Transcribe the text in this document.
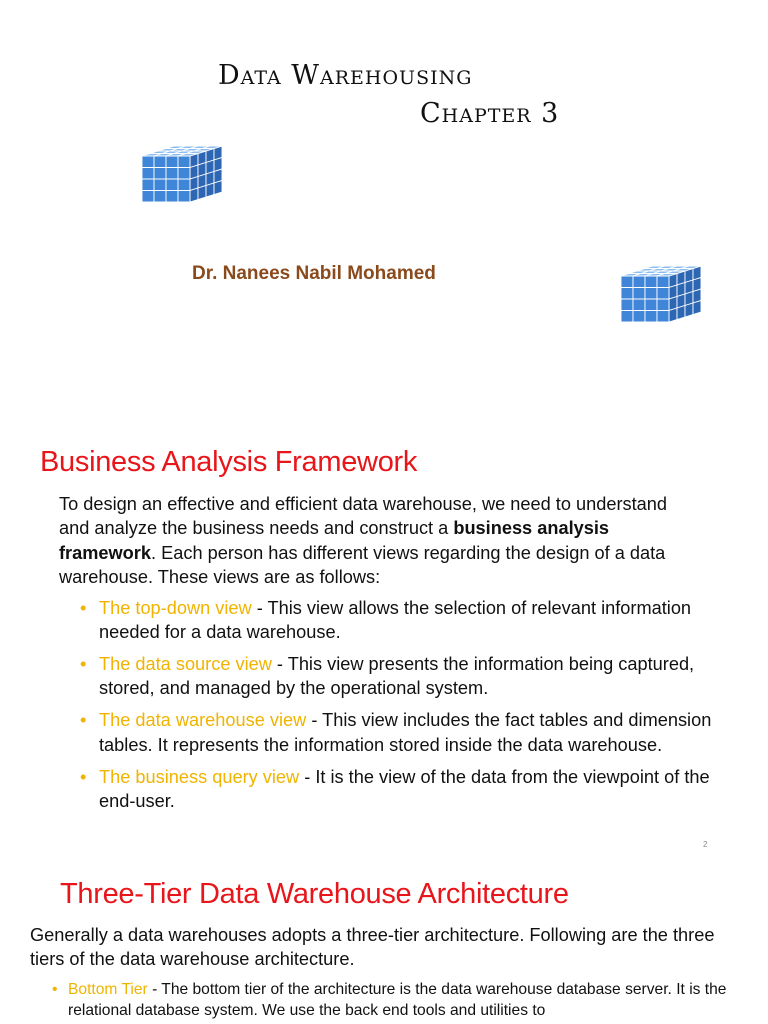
Data Warehousing
Chapter 3
Dr. Nanees Nabil Mohamed
Business Analysis Framework

To design an effective and efficient data warehouse, we need to understand and analyze the business needs and construct a business analysis framework. Each person has different views regarding the design of a data warehouse. These views are as follows:

• The top-down view - This view allows the selection of relevant information needed for a data warehouse.
• The data source view - This view presents the information being captured, stored, and managed by the operational system.
• The data warehouse view - This view includes the fact tables and dimension tables. It represents the information stored inside the data warehouse.
• The business query view - It is the view of the data from the viewpoint of the end-user.
2
Three-Tier Data Warehouse Architecture

Generally a data warehouses adopts a three-tier architecture. Following are the three tiers of the data warehouse architecture.

• Bottom Tier - The bottom tier of the architecture is the data warehouse database server. It is the relational database system. We use the back end tools and utilities to
